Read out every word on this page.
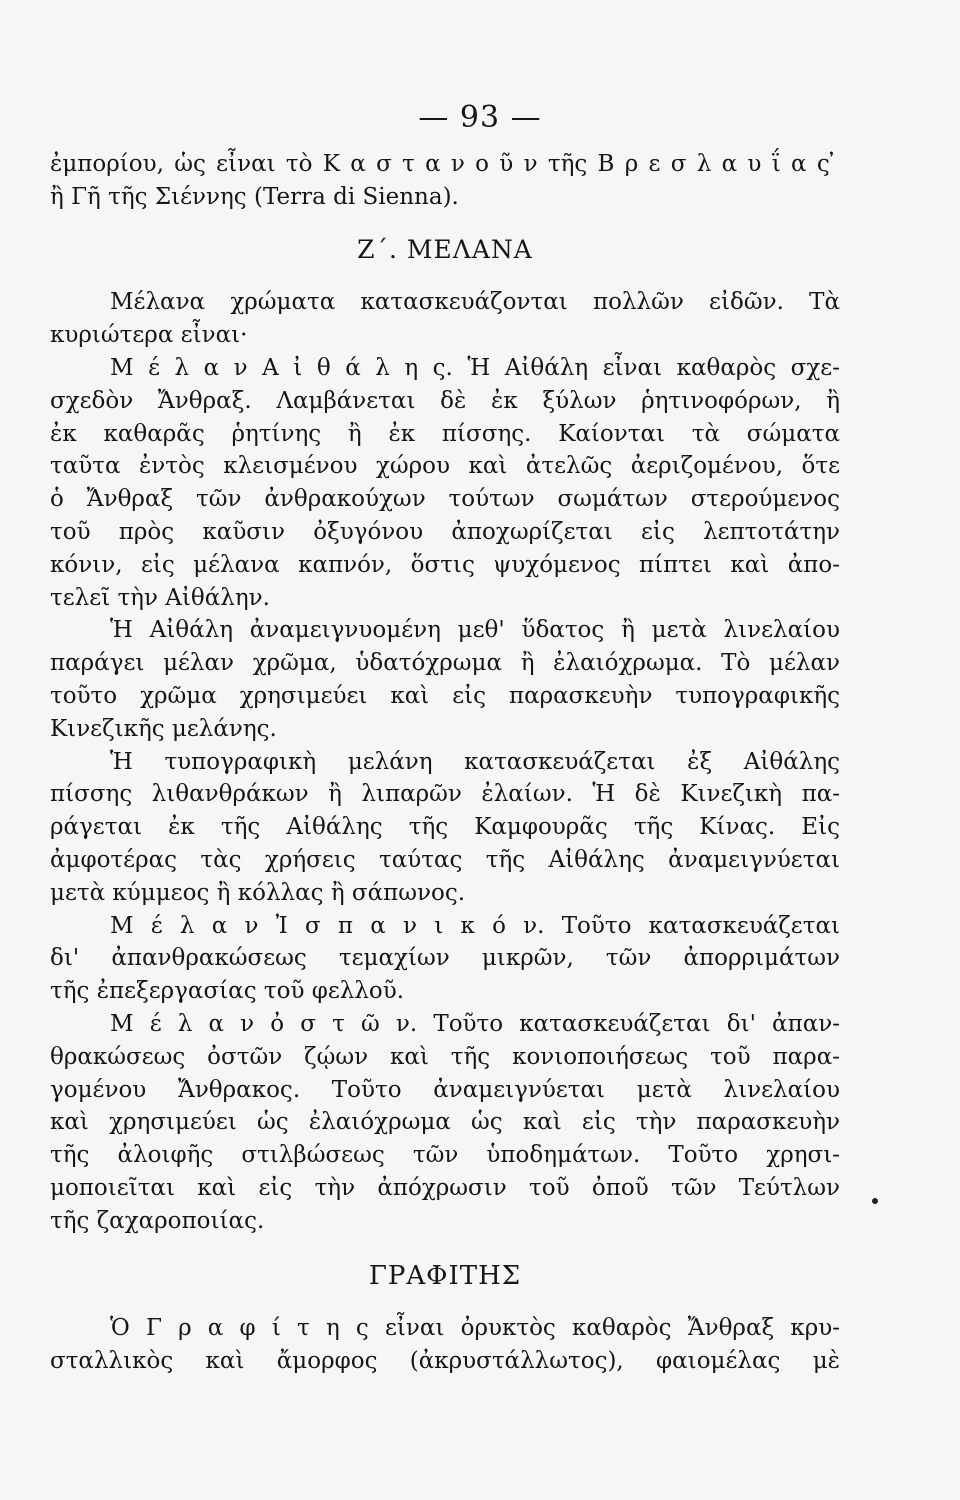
— 93 —
ἐμπορίου, ὡς εἶναι τὸ Κ α σ τ α ν ο ῦ ν τῆς Β ρ ε σ λ α υ ΐ α ς ̓
ἢ Γῆ τῆς Σιέννης (Terra di Sienna).
Ζ΄. ΜΕΛΑΝΑ
Μέλανα χρώματα κατασκευάζονται πολλῶν εἰδῶν. Τὰ
κυριώτερα εἶναι·
Μ έ λ α ν Α ἰ θ ά λ η ς. Ἡ Αἰθάλη εἶναι καθαρὸς σχε-
σχεδὸν Ἄνθραξ. Λαμβάνεται δὲ ἐκ ξύλων ῥητινοφόρων, ἢ
ἐκ καθαρᾶς ῥητίνης ἢ ἐκ πίσσης. Καίονται τὰ σώματα
ταῦτα ἐντὸς κλεισμένου χώρου καὶ ἀτελῶς ἀεριζομένου, ὅτε
ὁ Ἄνθραξ τῶν ἀνθρακούχων τούτων σωμάτων στερούμενος
τοῦ πρὸς καῦσιν ὀξυγόνου ἀποχωρίζεται εἰς λεπτοτάτην
κόνιν, εἰς μέλανα καπνόν, ὅστις ψυχόμενος πίπτει καὶ ἀπο-
τελεῖ τὴν Αἰθάλην.
Ἡ Αἰθάλη ἀναμειγνυομένη μεθ' ὕδατος ἢ μετὰ λινελαίου
παράγει μέλαν χρῶμα, ὑδατόχρωμα ἢ ἐλαιόχρωμα. Τὸ μέλαν
τοῦτο χρῶμα χρησιμεύει καὶ εἰς παρασκευὴν τυπογραφικῆς
Κινεζικῆς μελάνης.
Ἡ τυπογραφικὴ μελάνη κατασκευάζεται ἐξ Αἰθάλης
πίσσης λιθανθράκων ἢ λιπαρῶν ἐλαίων. Ἡ δὲ Κινεζικὴ πα-
ράγεται ἐκ τῆς Αἰθάλης τῆς Καμφουρᾶς τῆς Κίνας. Εἰς
ἀμφοτέρας τὰς χρήσεις ταύτας τῆς Αἰθάλης ἀναμειγνύεται
μετὰ κύμμεος ἢ κόλλας ἢ σάπωνος.
Μ έ λ α ν Ἰ σ π α ν ι κ ό ν. Τοῦτο κατασκευάζεται
δι' ἀπανθρακώσεως τεμαχίων μικρῶν, τῶν ἀπορριμάτων
τῆς ἐπεξεργασίας τοῦ φελλοῦ.
Μ έ λ α ν ὀ σ τ ῶ ν. Τοῦτο κατασκευάζεται δι' ἀπαν-
θρακώσεως ὀστῶν ζῴων καὶ τῆς κονιοποιήσεως τοῦ παρα-
γομένου Ἄνθρακος. Τοῦτο ἀναμειγνύεται μετὰ λινελαίου
καὶ χρησιμεύει ὡς ἐλαιόχρωμα ὡς καὶ εἰς τὴν παρασκευὴν
τῆς ἀλοιφῆς στιλβώσεως τῶν ὑποδημάτων. Τοῦτο χρησι-
μοποιεῖται καὶ εἰς τὴν ἀπόχρωσιν τοῦ ὀποῦ τῶν Τεύτλων
τῆς ζαχαροποιίας.
ΓΡΑΦΙΤΗΣ
Ὁ Γ ρ α φ ί τ η ς εἶναι ὀρυκτὸς καθαρὸς Ἄνθραξ κρυ-
σταλλικὸς καὶ ἄμορφος (ἀκρυστάλλωτος), φαιομέλας μὲ
